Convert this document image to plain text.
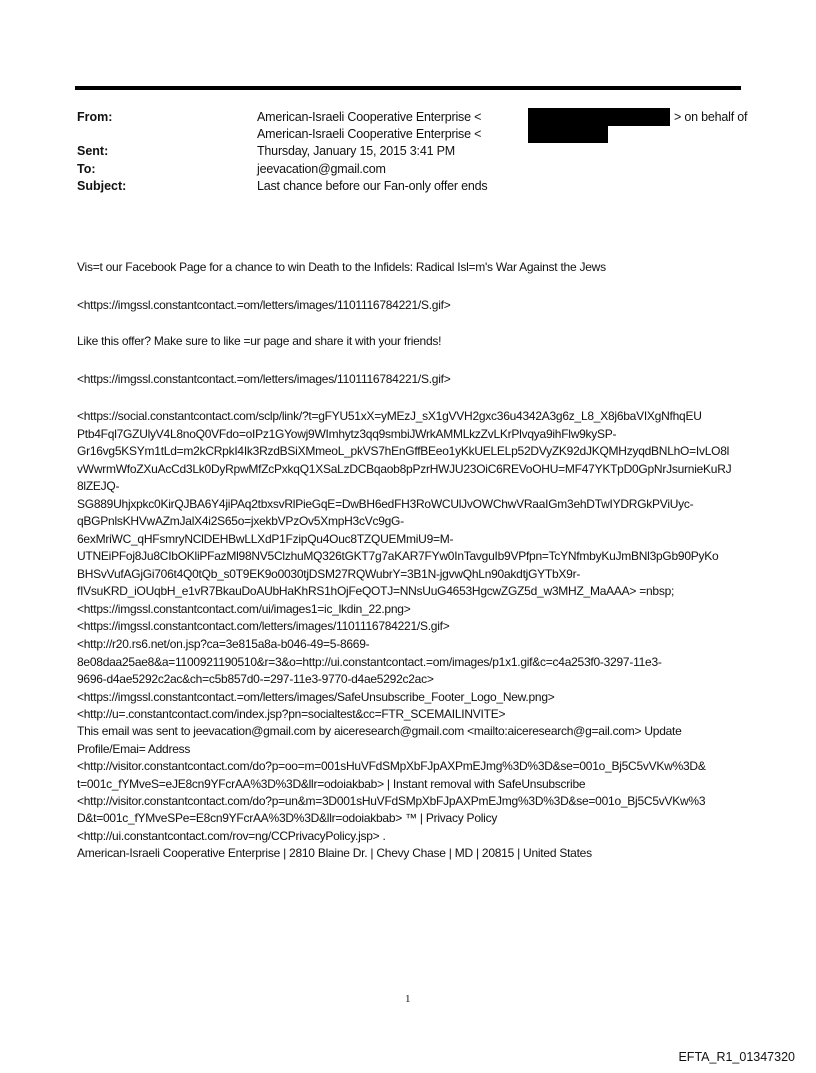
From:	American-Israeli Cooperative Enterprise <	> on behalf of
American-Israeli Cooperative Enterprise <
Sent:	Thursday, January 15, 2015 3:41 PM
To:	jeevacation@gmail.com
Subject:	Last chance before our Fan-only offer ends
Vis=t our Facebook Page for a chance to win Death to the Infidels: Radical Isl=m's War Against the Jews
<https://imgssl.constantcontact.=om/letters/images/1101116784221/S.gif>
Like this offer? Make sure to like =ur page and share it with your friends!
<https://imgssl.constantcontact.=om/letters/images/1101116784221/S.gif>
<https://social.constantcontact.com/sclp/link/?t=gFYU51xX=yMEzJ_sX1gVVH2gxc36u4342A3g6z_L8_X8j6baVIXgNfhqEU
Ptb4Fql7GZUlyV4L8noQ0VFdo=oIPz1GYowj9WImhytz3qq9smbiJWrkAMMLkzZvLKrPlvqya9ihFlw9kySP-
Gr16vg5KSYm1tLd=m2kCRpkI4Ik3RzdBSiXMmeoL_pkVS7hEnGffBEeo1yKkUELELp52DVyZK92dJKQMHzyqdBNLhO=IvLO8l
vWwrmWfoZXuAcCd3Lk0DyRpwMfZcPxkqQ1XSaLzDCBqaob8pPzrHWJU23OiC6REVoOHU=MF47YKTpD0GpNrJsurnieKuRJ
8lZEJQ-
SG889Uhjxpkc0KirQJBA6Y4jiPAq2tbxsvRlPieGqE=DwBH6edFH3RoWCUlJvOWChwVRaaIGm3ehDTwIYDRGkPViUyc-
qBGPnlsKHVwAZmJalX4i2S65o=jxekbVPzOv5XmpH3cVc9gG-
6exMriWC_qHFsmryNClDEHBwLLXdP1FzipQu4Ouc8TZQUEMmiU9=M-
UTNEiPFoj8Ju8CIbOKliPFazMl98NV5ClzhuMQ326tGKT7g7aKAR7FYw0InTavguIb9VPfpn=TcYNfmbyKuJmBNl3pGb90PyKo
BHSvVufAGjGi706t4Q0tQb_s0T9EK9o0030tjDSM27RQWubrY=3B1N-jgvwQhLn90akdtjGYTbX9r-
fIVsuKRD_iOUqbH_e1vR7BkauDoAUbHaKhRS1hOjFeQOTJ=NNsUuG4653HgcwZGZ5d_w3MHZ_MaAAA> =nbsp;
<https://imgssl.constantcontact.com/ui/images1=ic_lkdin_22.png>
<https://imgssl.constantcontact.com/letters/images/1101116784221/S.gif>
<http://r20.rs6.net/on.jsp?ca=3e815a8a-b046-49=5-8669-
8e08daa25ae8&a=1100921190510&r=3&o=http://ui.constantcontact.=om/images/p1x1.gif&c=c4a253f0-3297-11e3-
9696-d4ae5292c2ac&ch=c5b857d0-=297-11e3-9770-d4ae5292c2ac>
<https://imgssl.constantcontact.=om/letters/images/SafeUnsubscribe_Footer_Logo_New.png>
<http://u=.constantcontact.com/index.jsp?pn=socialtest&cc=FTR_SCEMAILINVITE>
This email was sent to jeevacation@gmail.com by aiceresearch@gmail.com <mailto:aiceresearch@g=ail.com> Update
Profile/Emai= Address
<http://visitor.constantcontact.com/do?p=oo=m=001sHuVFdSMpXbFJpAXPmEJmg%3D%3D&se=001o_Bj5C5vVKw%3D&
t=001c_fYMveS=eJE8cn9YFcrAA%3D%3D&llr=odoiakbab> | Instant removal with SafeUnsubscribe
<http://visitor.constantcontact.com/do?p=un&m=3D001sHuVFdSMpXbFJpAXPmEJmg%3D%3D&se=001o_Bj5C5vVKw%3
D&t=001c_fYMveSPe=E8cn9YFcrAA%3D%3D&llr=odoiakbab> ™ | Privacy Policy
<http://ui.constantcontact.com/rov=ng/CCPrivacyPolicy.jsp> .
American-Israeli Cooperative Enterprise | 2810 Blaine Dr. | Chevy Chase | MD | 20815 | United States
1
EFTA_R1_01347320
